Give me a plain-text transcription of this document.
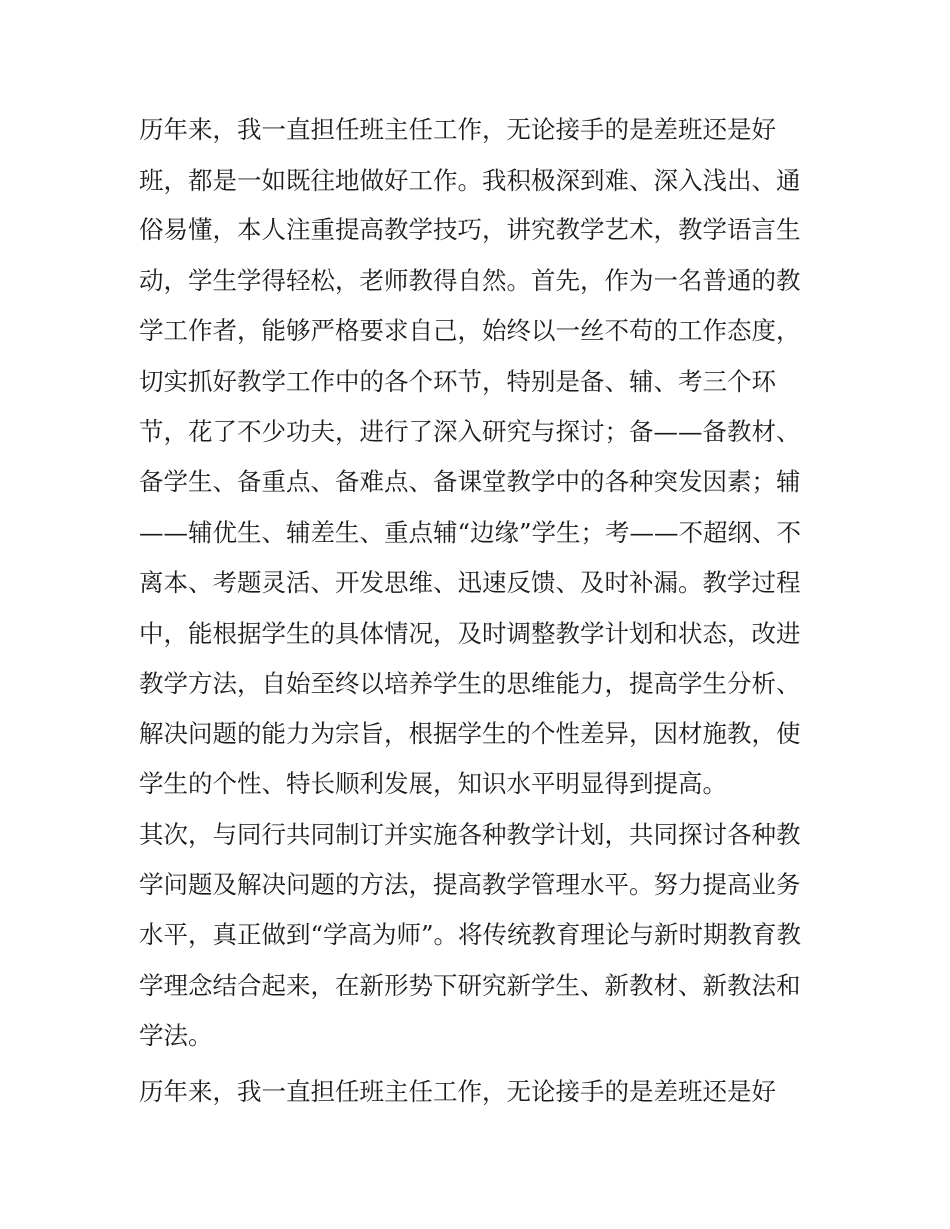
历年来，我一直担任班主任工作，无论接手的是差班还是好
班，都是一如既往地做好工作。我积极深到难、深入浅出、通
俗易懂，本人注重提高教学技巧，讲究教学艺术，教学语言生
动，学生学得轻松，老师教得自然。首先，作为一名普通的教
学工作者，能够严格要求自己，始终以一丝不苟的工作态度，
切实抓好教学工作中的各个环节，特别是备、辅、考三个环
节，花了不少功夫，进行了深入研究与探讨；备——备教材、
备学生、备重点、备难点、备课堂教学中的各种突发因素；辅
——辅优生、辅差生、重点辅“边缘”学生；考——不超纲、不
离本、考题灵活、开发思维、迅速反馈、及时补漏。教学过程
中，能根据学生的具体情况，及时调整教学计划和状态，改进
教学方法，自始至终以培养学生的思维能力，提高学生分析、
解决问题的能力为宗旨，根据学生的个性差异，因材施教，使
学生的个性、特长顺利发展，知识水平明显得到提高。
其次，与同行共同制订并实施各种教学计划，共同探讨各种教
学问题及解决问题的方法，提高教学管理水平。努力提高业务
水平，真正做到“学高为师”。将传统教育理论与新时期教育教
学理念结合起来，在新形势下研究新学生、新教材、新教法和
学法。
历年来，我一直担任班主任工作，无论接手的是差班还是好
